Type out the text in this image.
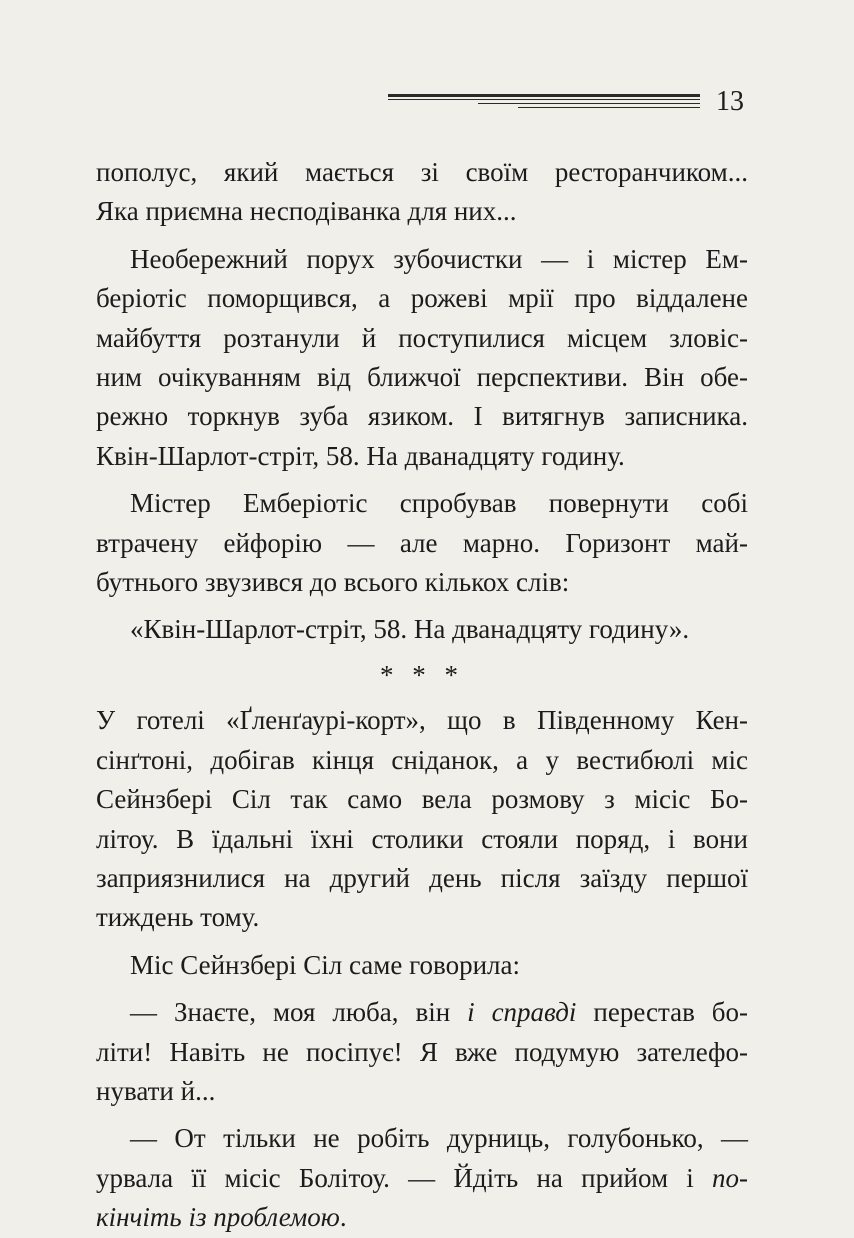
13
пополус, який мається зі своїм ресторанчиком...
Яка приємна несподіванка для них...
Необережний порух зубочистки — і містер Ем-
беріотіс поморщився, а рожеві мрії про віддалене
майбуття розтанули й поступилися місцем зловіс-
ним очікуванням від ближчої перспективи. Він обе-
режно торкнув зуба язиком. І витягнув записника.
Квін-Шарлот-стріт, 58. На дванадцяту годину.
Містер Емберіотіс спробував повернути собі
втрачену ейфорію — але марно. Горизонт май-
бутнього звузився до всього кількох слів:
«Квін-Шарлот-стріт, 58. На дванадцяту годину».
* * *
У готелі «Ґленґаурі-корт», що в Південному Кен-
сінґтоні, добігав кінця сніданок, а у вестибюлі міс
Сейнзбері Сіл так само вела розмову з місіс Бо-
літоу. В їдальні їхні столики стояли поряд, і вони
заприязнилися на другий день після заїзду першої
тиждень тому.
Міс Сейнзбері Сіл саме говорила:
— Знаєте, моя люба, він і справді перестав бо-
літи! Навіть не посіпує! Я вже подумую зателефо-
нувати й...
— От тільки не робіть дурниць, голубонько, —
урвала її місіс Болітоу. — Йдіть на прийом і по-
кінчіть із проблемою.
